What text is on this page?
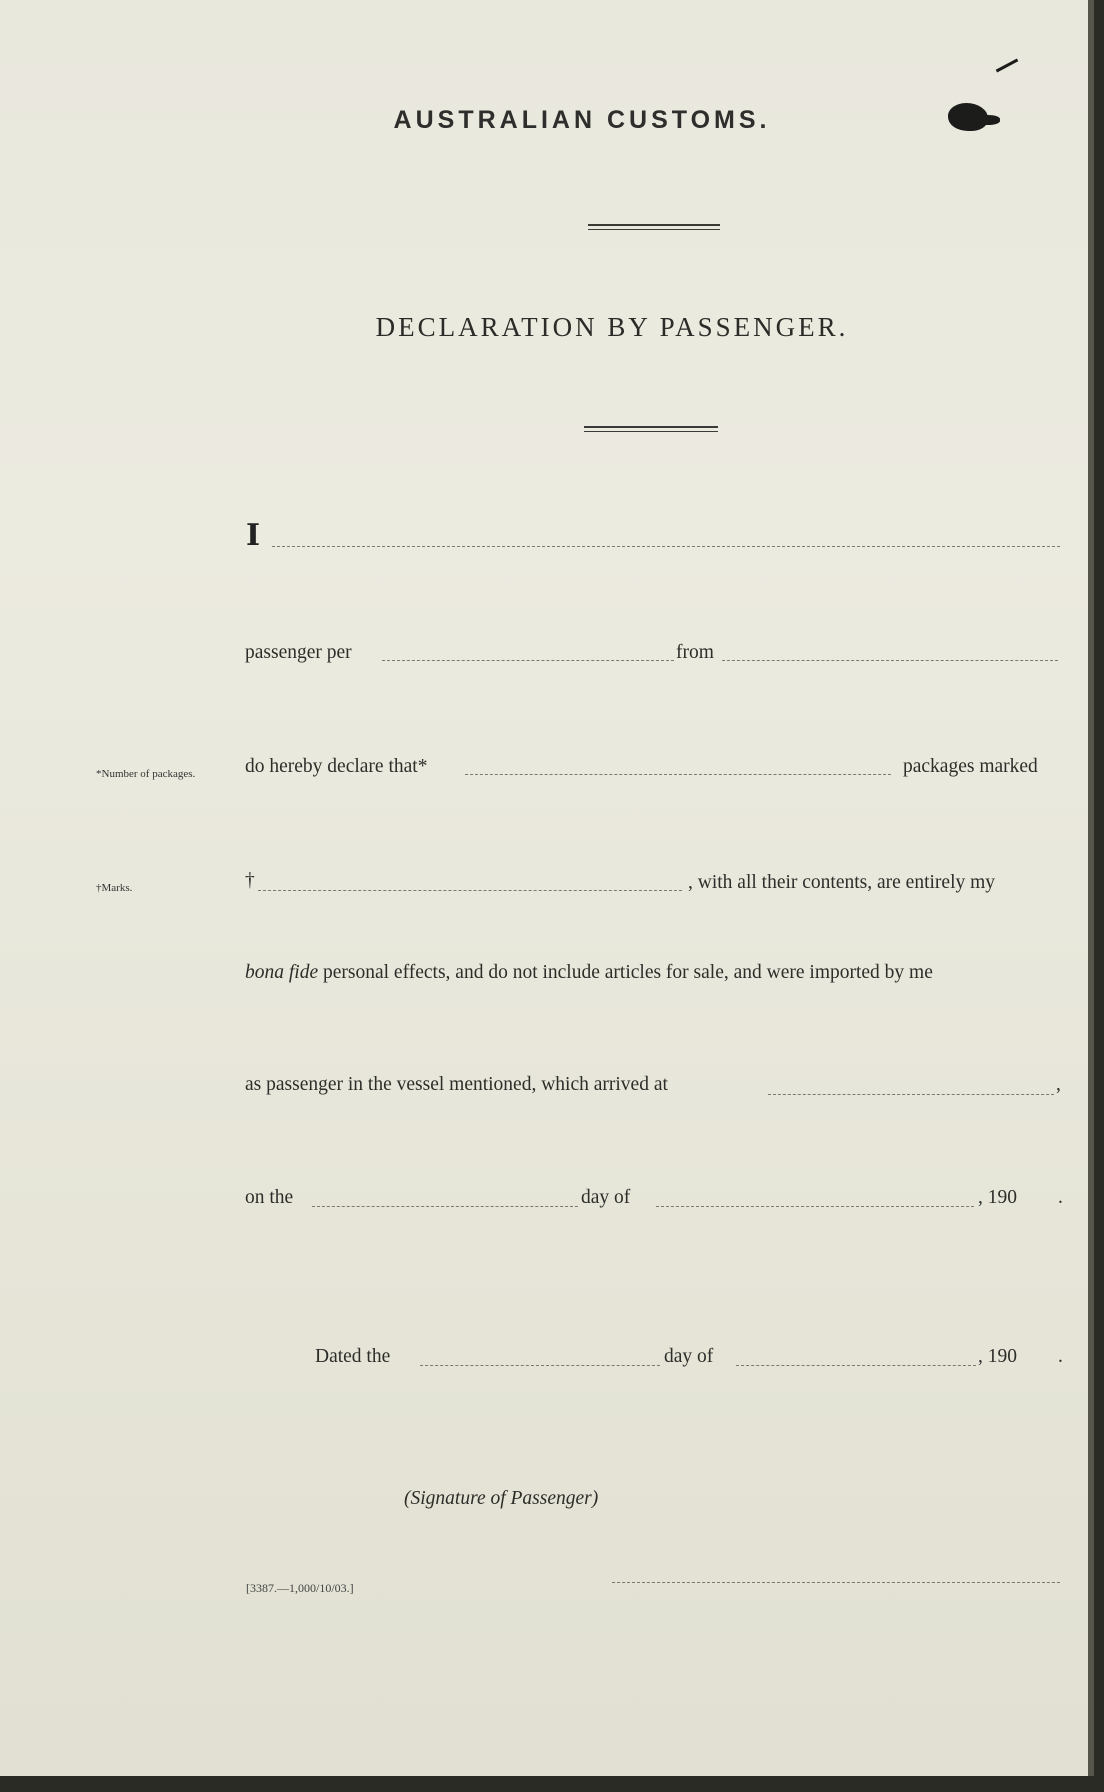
AUSTRALIAN CUSTOMS.
DECLARATION BY PASSENGER.
I
passenger per	from
*Number of packages.	do hereby declare that*	packages marked
†Marks.	†	, with all their contents, are entirely my
bona fide personal effects, and do not include articles for sale, and were imported by me
as passenger in the vessel mentioned, which arrived at	,
on the	day of	, 190 .
Dated the	day of	, 190 .
(Signature of Passenger)
[3387.—1,000/10/03.]
